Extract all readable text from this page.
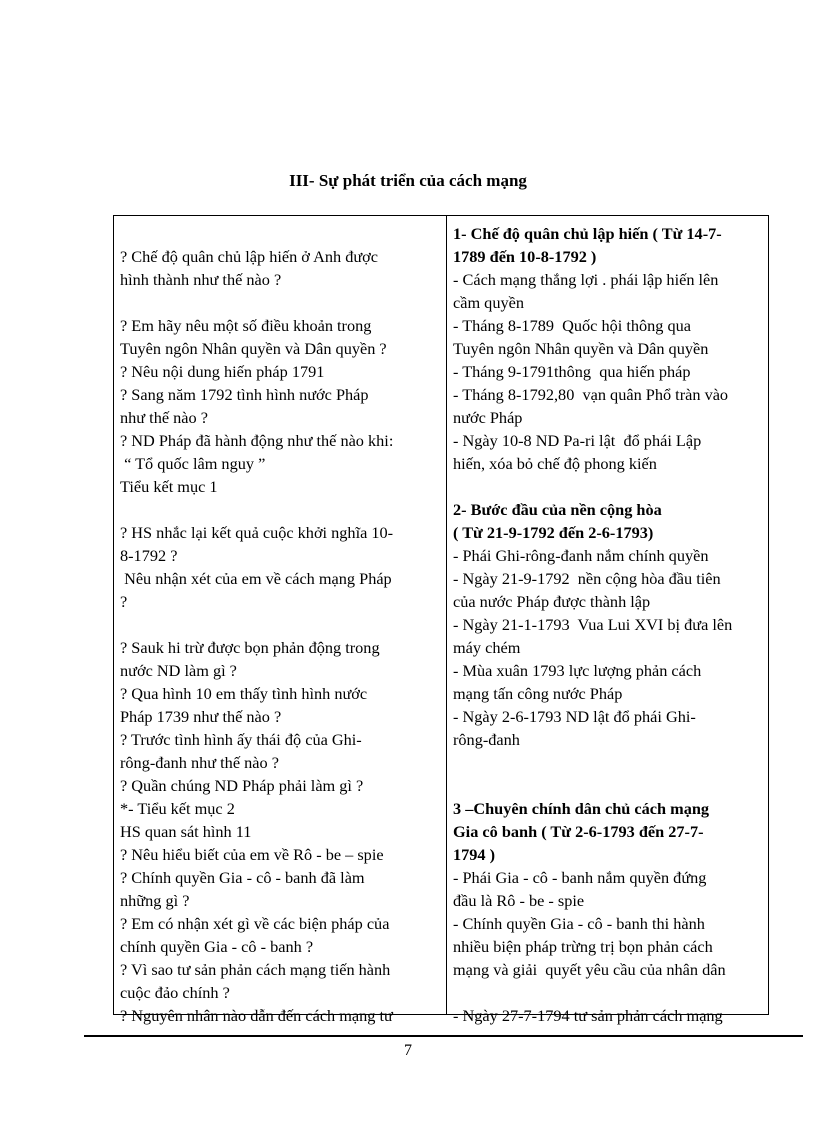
III- Sự phát triển của cách mạng
? Chế độ quân chủ lập hiến ở Anh được
hình thành như thế nào ?
? Em hãy nêu một số điều khoản trong
Tuyên ngôn Nhân quyền và Dân quyền ?
? Nêu nội dung hiến pháp 1791
? Sang năm 1792 tình hình nước Pháp
như thế nào ?
? ND Pháp đã hành động như thế nào khi:
“ Tổ quốc lâm nguy ”
Tiểu kết mục 1
? HS nhắc lại kết quả cuộc khởi nghĩa 10-
8-1792 ?
Nêu nhận xét của em về cách mạng Pháp
?
? Sauk hi trừ được bọn phản động trong
nước ND làm gì ?
? Qua hình 10 em thấy tình hình nước
Pháp 1739 như thế nào ?
? Trước tình hình ấy thái độ của Ghi-
rông-đanh như thế nào ?
? Quần chúng ND Pháp phải làm gì ?
*- Tiểu kết mục 2
HS quan sát hình 11
? Nêu hiểu biết của em về Rô - be – spie
? Chính quyền Gia - cô - banh đã làm
những gì ?
? Em có nhận xét gì về các biện pháp của
chính quyền Gia - cô - banh ?
? Vì sao tư sản phản cách mạng tiến hành
cuộc đảo chính ?
? Nguyên nhân nào dẫn đến cách mạng tư
1- Chế độ quân chủ lập hiến ( Từ 14-7-
1789 đến 10-8-1792 )
- Cách mạng thắng lợi . phái lập hiến lên
cầm quyền
- Tháng 8-1789  Quốc hội thông qua
Tuyên ngôn Nhân quyền và Dân quyền
- Tháng 9-1791thông  qua hiến pháp
- Tháng 8-1792,80  vạn quân Phổ tràn vào
nước Pháp
- Ngày 10-8 ND Pa-ri lật  đổ phái Lập
hiến, xóa bỏ chế độ phong kiến
2- Bước đầu của nền cộng hòa
( Từ 21-9-1792 đến 2-6-1793)
- Phái Ghi-rông-đanh nắm chính quyền
- Ngày 21-9-1792  nền cộng hòa đầu tiên
của nước Pháp được thành lập
- Ngày 21-1-1793  Vua Lui XVI bị đưa lên
máy chém
- Mùa xuân 1793 lực lượng phản cách
mạng tấn công nước Pháp
- Ngày 2-6-1793 ND lật đổ phái Ghi-
rông-đanh
3 –Chuyên chính dân chủ cách mạng
Gia cô banh ( Từ 2-6-1793 đến 27-7-
1794 )
- Phái Gia - cô - banh nắm quyền đứng
đầu là Rô - be - spie
- Chính quyền Gia - cô - banh thi hành
nhiều biện pháp trừng trị bọn phản cách
mạng và giải  quyết yêu cầu của nhân dân
- Ngày 27-7-1794 tư sản phản cách mạng
7
